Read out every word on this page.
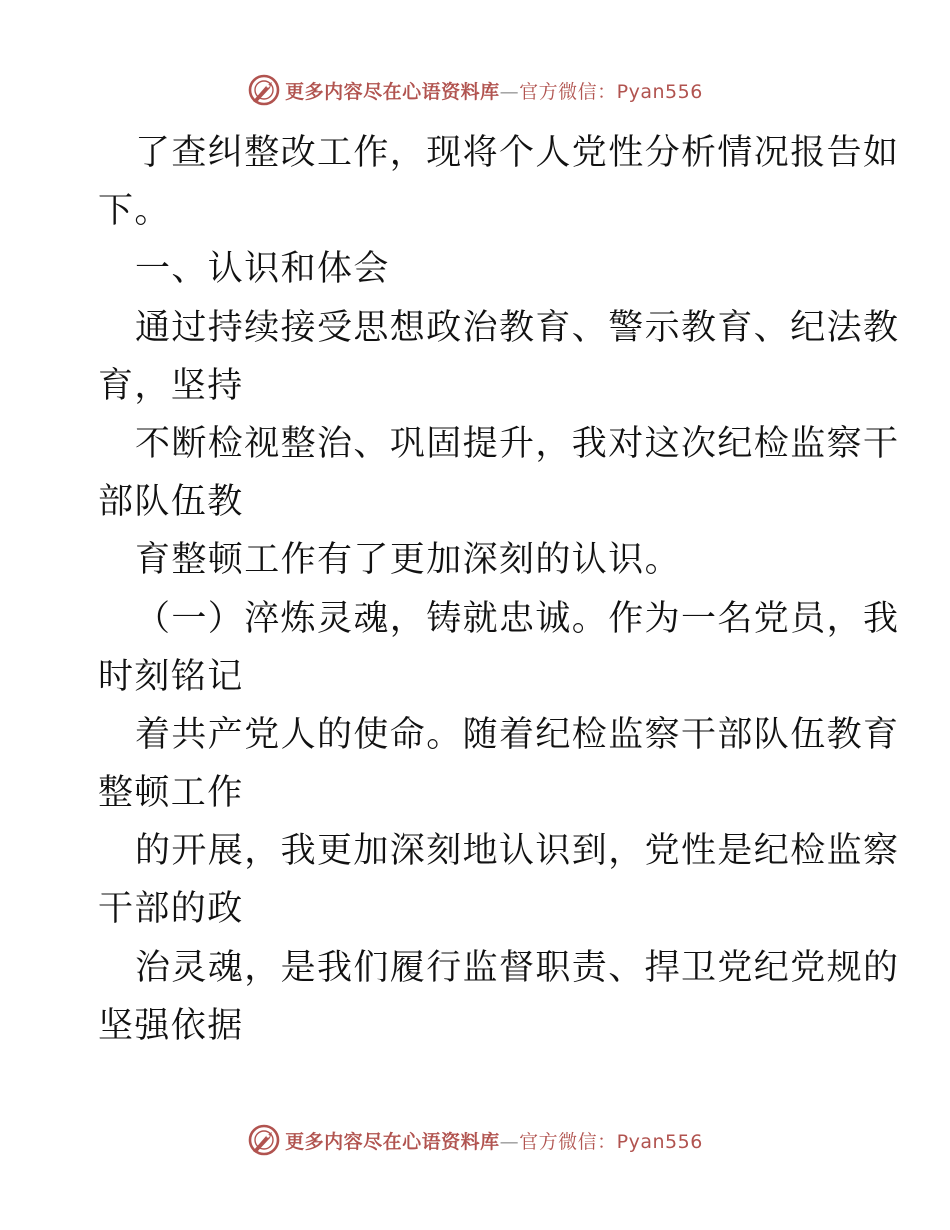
更多内容尽在心语资料库—官方微信：Pyan556
了查纠整改工作，现将个人党性分析情况报告如
下。
一、认识和体会
通过持续接受思想政治教育、警示教育、纪法教
育，坚持
不断检视整治、巩固提升，我对这次纪检监察干
部队伍教
育整顿工作有了更加深刻的认识。
（一）淬炼灵魂，铸就忠诚。作为一名党员，我
时刻铭记
着共产党人的使命。随着纪检监察干部队伍教育
整顿工作
的开展，我更加深刻地认识到，党性是纪检监察
干部的政
治灵魂，是我们履行监督职责、捍卫党纪党规的
坚强依据
更多内容尽在心语资料库—官方微信：Pyan556
